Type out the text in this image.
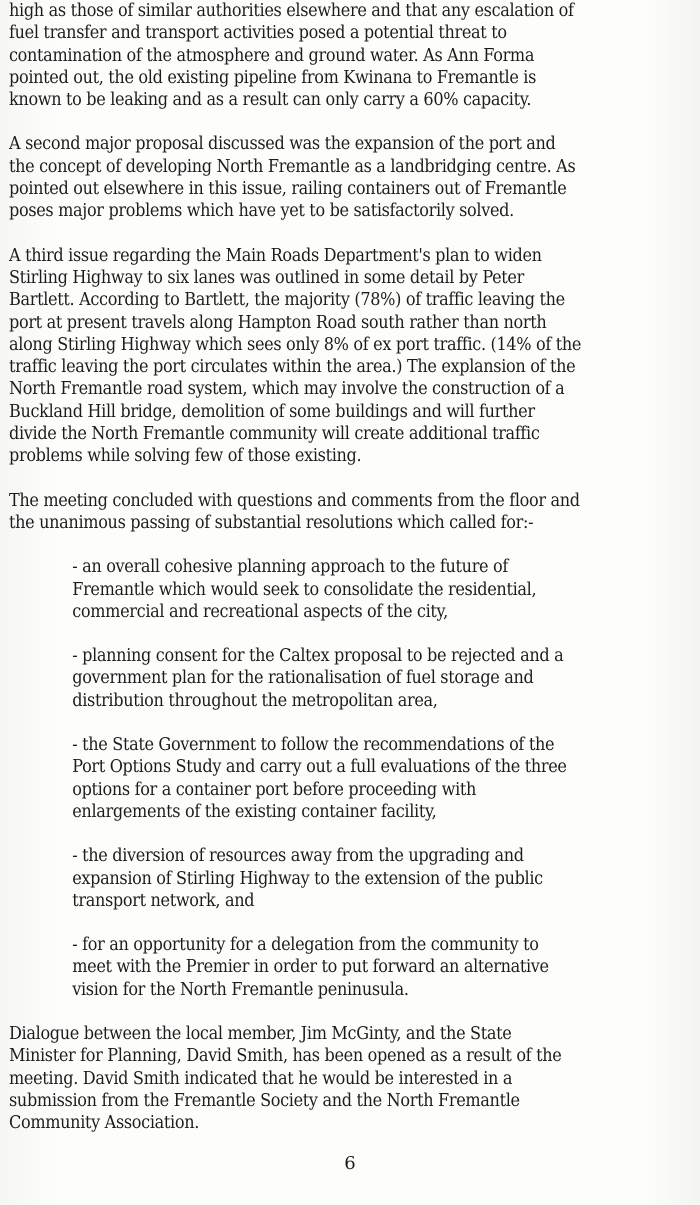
high as those of similar authorities elsewhere and that any escalation of
fuel transfer and transport activities posed a potential threat to
contamination of the atmosphere and ground water. As Ann Forma
pointed out, the old existing pipeline from Kwinana to Fremantle is
known to be leaking and as a result can only carry a 60% capacity.

A second major proposal discussed was the expansion of the port and
the concept of developing North Fremantle as a landbridging centre. As
pointed out elsewhere in this issue, railing containers out of Fremantle
poses major problems which have yet to be satisfactorily solved.

A third issue regarding the Main Roads Department's plan to widen
Stirling Highway to six lanes was outlined in some detail by Peter
Bartlett. According to Bartlett, the majority (78%) of traffic leaving the
port at present travels along Hampton Road south rather than north
along Stirling Highway which sees only 8% of ex port traffic. (14% of the
traffic leaving the port circulates within the area.) The explansion of the
North Fremantle road system, which may involve the construction of a
Buckland Hill bridge, demolition of some buildings and will further
divide the North Fremantle community will create additional traffic
problems while solving few of those existing.

The meeting concluded with questions and comments from the floor and
the unanimous passing of substantial resolutions which called for:-

- an overall cohesive planning approach to the future of
Fremantle which would seek to consolidate the residential,
commercial and recreational aspects of the city,
- planning consent for the Caltex proposal to be rejected and a
government plan for the rationalisation of fuel storage and
distribution throughout the metropolitan area,
- the State Government to follow the recommendations of the
Port Options Study and carry out a full evaluations of the three
options for a container port before proceeding with
enlargements of the existing container facility,
- the diversion of resources away from the upgrading and
expansion of Stirling Highway to the extension of the public
transport network, and
- for an opportunity for a delegation from the community to
meet with the Premier in order to put forward an alternative
vision for the North Fremantle peninusula.

Dialogue between the local member, Jim McGinty, and the State
Minister for Planning, David Smith, has been opened as a result of the
meeting. David Smith indicated that he would be interested in a
submission from the Fremantle Society and the North Fremantle
Community Association.

6
